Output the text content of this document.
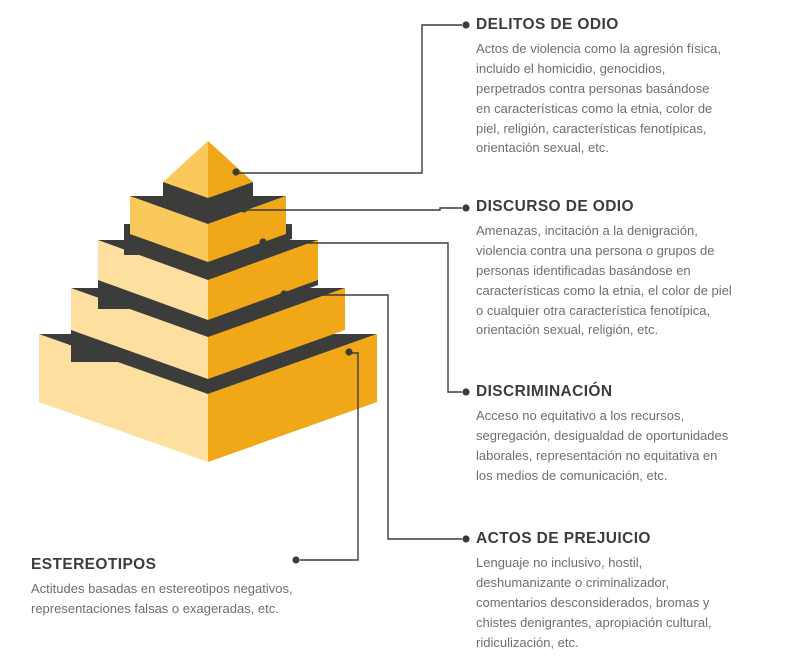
DELITOS DE ODIO

Actos de violencia como la agresión física, incluido el homicidio, genocidios, perpetrados contra personas basándose en características como la etnia, color de piel, religión, características fenotípicas, orientación sexual, etc.

DISCURSO DE ODIO

Amenazas, incitación a la denigración, violencia contra una persona o grupos de personas identificadas basándose en características como la etnia, el color de piel o cualquier otra característica fenotípica, orientación sexual, religión, etc.

DISCRIMINACIÓN

Acceso no equitativo a los recursos, segregación, desigualdad de oportunidades laborales, representación no equitativa en los medios de comunicación, etc.

ACTOS DE PREJUICIO

Lenguaje no inclusivo, hostil, deshumanizante o criminalizador, comentarios desconsiderados, bromas y chistes denigrantes, apropiación cultural, ridiculización, etc.

ESTEREOTIPOS

Actitudes basadas en estereotipos negativos, representaciones falsas o exageradas, etc.
